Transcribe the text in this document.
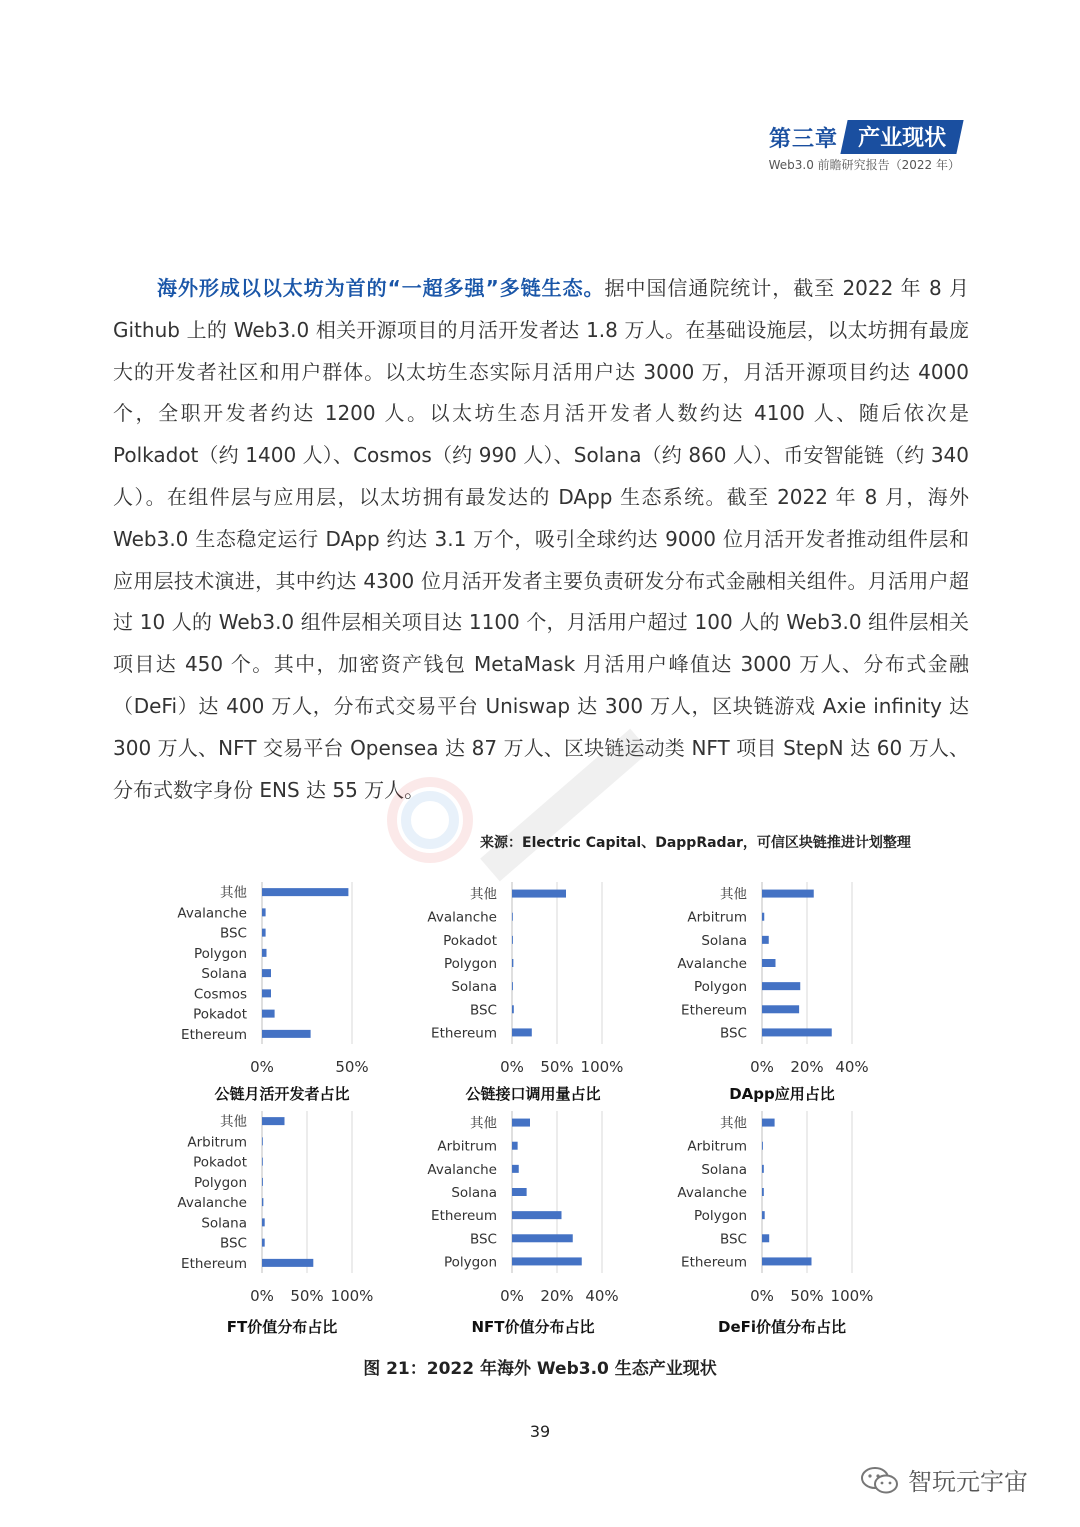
第三章 产业现状
Web3.0 前瞻研究报告（2022 年）
海外形成以以太坊为首的“一超多强”多链生态。据中国信通院统计，截至 2022 年 8 月 Github 上的 Web3.0 相关开源项目的月活开发者达 1.8 万人。在基础设施层，以太坊拥有最庞大的开发者社区和用户群体。以太坊生态实际月活用户达 3000 万，月活开源项目约达 4000 个，全职开发者约达 1200 人。以太坊生态月活开发者人数约达 4100 人、随后依次是 Polkadot（约 1400 人）、Cosmos（约 990 人）、Solana（约 860 人）、币安智能链（约 340 人）。在组件层与应用层，以太坊拥有最发达的 DApp 生态系统。截至 2022 年 8 月，海外 Web3.0 生态稳定运行 DApp 约达 3.1 万个，吸引全球约达 9000 位月活开发者推动组件层和应用层技术演进，其中约达 4300 位月活开发者主要负责研发分布式金融相关组件。月活用户超过 10 人的 Web3.0 组件层相关项目达 1100 个，月活用户超过 100 人的 Web3.0 组件层相关项目达 450 个。其中，加密资产钱包 MetaMask 月活用户峰值达 3000 万人、分布式金融（DeFi）达 400 万人，分布式交易平台 Uniswap 达 300 万人，区块链游戏 Axie infinity 达 300 万人、NFT 交易平台 Opensea 达 87 万人、区块链运动类 NFT 项目 StepN 达 60 万人、分布式数字身份 ENS 达 55 万人。
来源：Electric Capital、DappRadar，可信区块链推进计划整理
其他
Avalanche
BSC
Polygon
Solana
Cosmos
Pokadot
Ethereum
0%	50%
其他
Avalanche
Pokadot
Polygon
Solana
BSC
Ethereum
0% 50% 100%
其他
Arbitrum
Solana
Avalanche
Polygon
Ethereum
BSC
0% 20% 40%
其他
Arbitrum
Pokadot
Polygon
Avalanche
Solana
BSC
Ethereum
0% 50% 100%
其他
Arbitrum
Avalanche
Solana
Ethereum
BSC
Polygon
0% 20% 40%
其他
Arbitrum
Solana
Avalanche
Polygon
BSC
Ethereum
0% 50% 100%
公链月活开发者占比	公链接口调用量占比	DApp应用占比
FT价值分布占比	NFT价值分布占比	DeFi价值分布占比
图 21：2022 年海外 Web3.0 生态产业现状
39
智玩元宇宙
